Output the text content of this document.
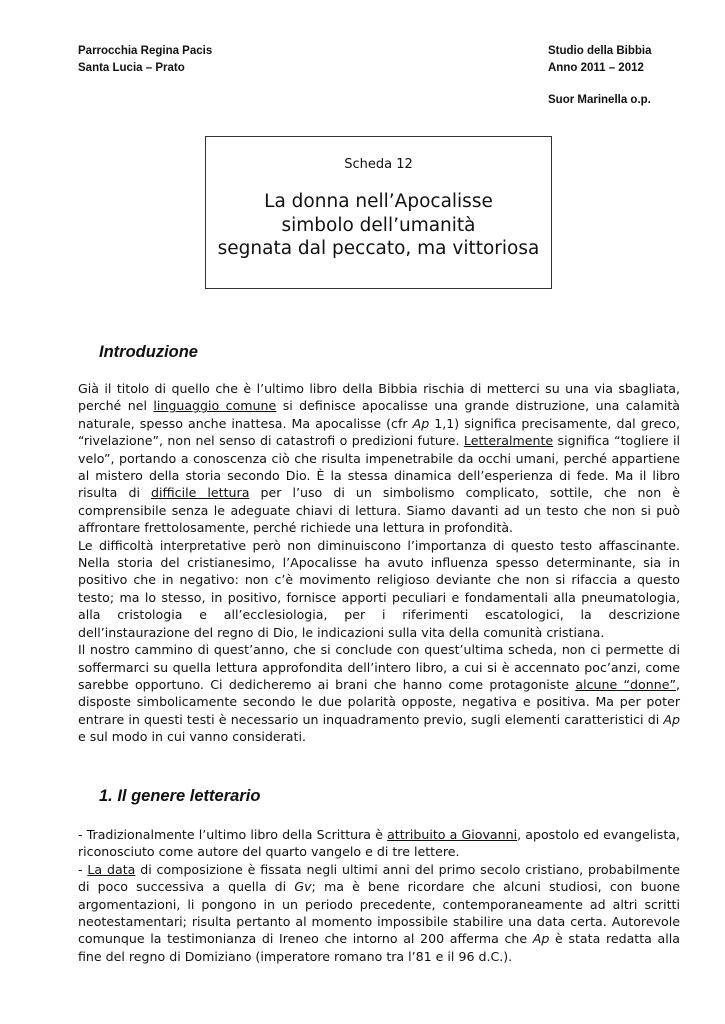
Parrocchia Regina Pacis
Santa Lucia – Prato
Studio della Bibbia
Anno 2011 – 2012
Suor Marinella o.p.
Scheda 12
La donna nell’Apocalisse
simbolo dell’umanità
segnata dal peccato, ma vittoriosa
Introduzione

Già il titolo di quello che è l’ultimo libro della Bibbia rischia di metterci su una via sbagliata, perché nel linguaggio comune si definisce apocalisse una grande distruzione, una calamità naturale, spesso anche inattesa. Ma apocalisse (cfr Ap 1,1) significa precisamente, dal greco, “rivelazione”, non nel senso di catastrofi o predizioni future. Letteralmente significa “togliere il velo”, portando a conoscenza ciò che risulta impenetrabile da occhi umani, perché appartiene al mistero della storia secondo Dio. È la stessa dinamica dell’esperienza di fede. Ma il libro risulta di difficile lettura per l’uso di un simbolismo complicato, sottile, che non è comprensibile senza le adeguate chiavi di lettura. Siamo davanti ad un testo che non si può affrontare frettolosamente, perché richiede una lettura in profondità.

Le difficoltà interpretative però non diminuiscono l’importanza di questo testo affascinante. Nella storia del cristianesimo, l’Apocalisse ha avuto influenza spesso determinante, sia in positivo che in negativo: non c’è movimento religioso deviante che non si rifaccia a questo testo; ma lo stesso, in positivo, fornisce apporti peculiari e fondamentali alla pneumatologia, alla cristologia e all’ecclesiologia, per i riferimenti escatologici, la descrizione dell’instaurazione del regno di Dio, le indicazioni sulla vita della comunità cristiana.

Il nostro cammino di quest’anno, che si conclude con quest’ultima scheda, non ci permette di soffermarci su quella lettura approfondita dell’intero libro, a cui si è accennato poc’anzi, come sarebbe opportuno. Ci dedicheremo ai brani che hanno come protagoniste alcune “donne”, disposte simbolicamente secondo le due polarità opposte, negativa e positiva. Ma per poter entrare in questi testi è necessario un inquadramento previo, sugli elementi caratteristici di Ap e sul modo in cui vanno considerati.

1. Il genere letterario

- Tradizionalmente l’ultimo libro della Scrittura è attribuito a Giovanni, apostolo ed evangelista, riconosciuto come autore del quarto vangelo e di tre lettere.

- La data di composizione è fissata negli ultimi anni del primo secolo cristiano, probabilmente di poco successiva a quella di Gv; ma è bene ricordare che alcuni studiosi, con buone argomentazioni, li pongono in un periodo precedente, contemporaneamente ad altri scritti neotestamentari; risulta pertanto al momento impossibile stabilire una data certa. Autorevole comunque la testimonianza di Ireneo che intorno al 200 afferma che Ap è stata redatta alla fine del regno di Domiziano (imperatore romano tra l’81 e il 96 d.C.).
